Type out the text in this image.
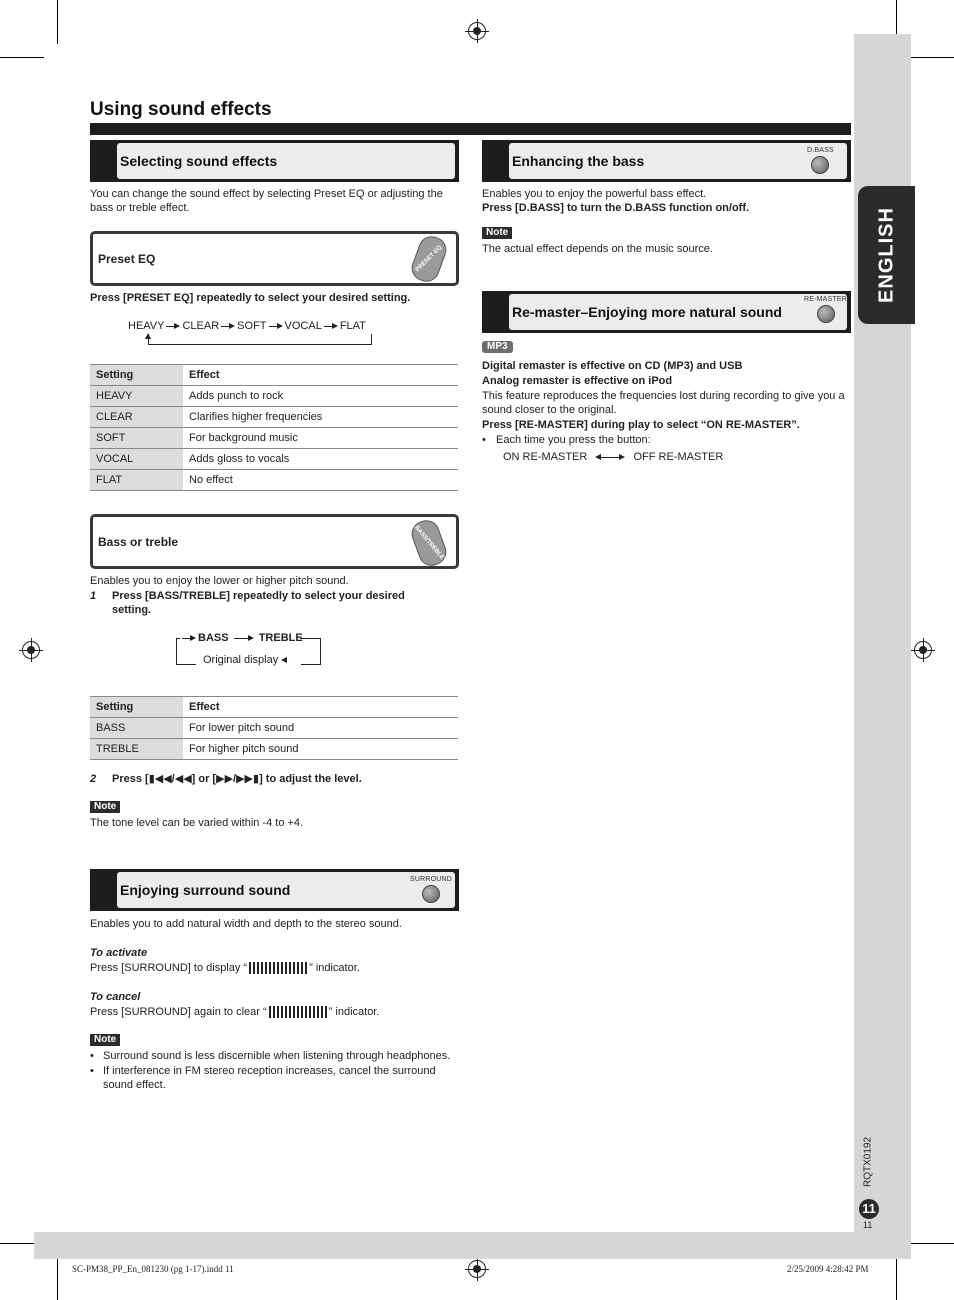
ENGLISH
Using sound effects
Selecting sound effects
You can change the sound effect by selecting Preset EQ or adjusting the bass or treble effect.
Preset EQ	PRESET EQ
Press [PRESET EQ] repeatedly to select your desired setting.
HEAVY CLEAR SOFT VOCAL FLAT
Setting	Effect
HEAVY	Adds punch to rock
CLEAR	Clarifies higher frequencies
SOFT	For background music
VOCAL	Adds gloss to vocals
FLAT	No effect
Bass or treble	BASS/TREBLE
Enables you to enjoy the lower or higher pitch sound.
1	Press [BASS/TREBLE] repeatedly to select your desired setting.
BASS	TREBLE
Original display
Setting	Effect
BASS	For lower pitch sound
TREBLE	For higher pitch sound
2	Press [▮◀◀/◀◀] or [▶▶/▶▶▮] to adjust the level.
Note
The tone level can be varied within -4 to +4.
Enjoying surround sound
SURROUND
Enables you to add natural width and depth to the stereo sound.
To activate
Press [SURROUND] to display “	” indicator.
To cancel
Press [SURROUND] again to clear “	” indicator.
Note
• Surround sound is less discernible when listening through headphones.
• If interference in FM stereo reception increases, cancel the surround sound effect.
Enhancing the bass
D.BASS
Enables you to enjoy the powerful bass effect.
Press [D.BASS] to turn the D.BASS function on/off.
Note
The actual effect depends on the music source.
Re-master–Enjoying more natural sound
RE-MASTER
MP3
Digital remaster is effective on CD (MP3) and USB
Analog remaster is effective on iPod
This feature reproduces the frequencies lost during recording to give you a sound closer to the original.
Press [RE-MASTER] during play to select “ON RE-MASTER”.
• Each time you press the button:
ON RE-MASTER	OFF RE-MASTER
RQTX0192
11
11
SC-PM38_PP_En_081230 (pg 1-17).indd 11	2/25/2009 4:28:42 PM
